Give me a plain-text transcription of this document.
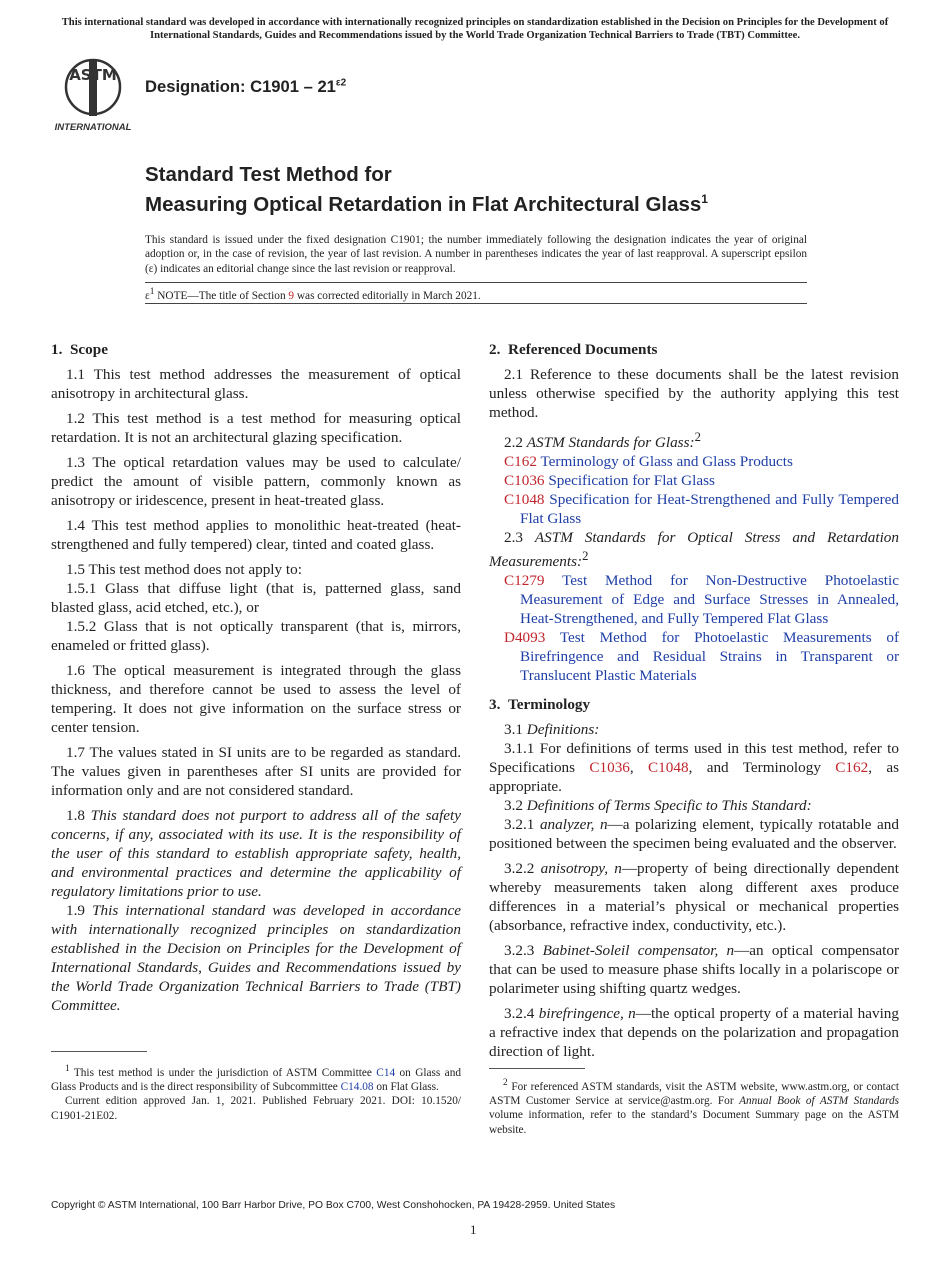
This international standard was developed in accordance with internationally recognized principles on standardization established in the Decision on Principles for the Development of International Standards, Guides and Recommendations issued by the World Trade Organization Technical Barriers to Trade (TBT) Committee.
ASTM
INTERNATIONAL
Designation: $C1901 - 21^{\varepsilon 2}$
Standard Test Method for
Measuring Optical Retardation in Flat Architectural Glass$^1$
This standard is issued under the fixed designation C1901; the number immediately following the designation indicates the year of original adoption or, in the case of revision, the year of last revision. A number in parentheses indicates the year of last reapproval. A superscript epsilon (ε) indicates an editorial change since the last revision or reapproval.
$\varepsilon^1$ NOTE—The title of Section 9 was corrected editorially in March 2021.

1.  Scope

1.1 This test method addresses the measurement of optical anisotropy in architectural glass.

1.2 This test method is a test method for measuring optical retardation. It is not an architectural glazing specification.

1.3 The optical retardation values may be used to calculate/ predict the amount of visible pattern, commonly known as anisotropy or iridescence, present in heat-treated glass.

1.4 This test method applies to monolithic heat-treated (heat-strengthened and fully tempered) clear, tinted and coated glass.

1.5 This test method does not apply to:

1.5.1 Glass that diffuse light (that is, patterned glass, sand blasted glass, acid etched, etc.), or

1.5.2 Glass that is not optically transparent (that is, mirrors, enameled or fritted glass).

1.6 The optical measurement is integrated through the glass thickness, and therefore cannot be used to assess the level of tempering. It does not give information on the surface stress or center tension.

1.7 The values stated in SI units are to be regarded as standard. The values given in parentheses after SI units are provided for information only and are not considered standard.

1.8 This standard does not purport to address all of the safety concerns, if any, associated with its use. It is the responsibility of the user of this standard to establish appropriate safety, health, and environmental practices and determine the applicability of regulatory limitations prior to use.

1.9 This international standard was developed in accordance with internationally recognized principles on standardization established in the Decision on Principles for the Development of International Standards, Guides and Recommendations issued by the World Trade Organization Technical Barriers to Trade (TBT) Committee.

$^1$ This test method is under the jurisdiction of ASTM Committee C14 on Glass and Glass Products and is the direct responsibility of Subcommittee C14.08 on Flat Glass.

Current edition approved Jan. 1, 2021. Published February 2021. DOI: 10.1520/ C1901-21E02.

2.  Referenced Documents

2.1 Reference to these documents shall be the latest revision unless otherwise specified by the authority applying this test method.

2.2 ASTM Standards for Glass:$^2$

C162 Terminology of Glass and Glass Products

C1036 Specification for Flat Glass

C1048 Specification for Heat-Strengthened and Fully Tempered Flat Glass

2.3 ASTM Standards for Optical Stress and Retardation Measurements:$^2$

C1279 Test Method for Non-Destructive Photoelastic Measurement of Edge and Surface Stresses in Annealed, Heat-Strengthened, and Fully Tempered Flat Glass

D4093 Test Method for Photoelastic Measurements of Birefringence and Residual Strains in Transparent or Translucent Plastic Materials

3.  Terminology

3.1 Definitions:

3.1.1 For definitions of terms used in this test method, refer to Specifications C1036, C1048, and Terminology C162, as appropriate.

3.2 Definitions of Terms Specific to This Standard:

3.2.1 analyzer, n—a polarizing element, typically rotatable and positioned between the specimen being evaluated and the observer.

3.2.2 anisotropy, n—property of being directionally dependent whereby measurements taken along different axes produce differences in a material’s physical or mechanical properties (absorbance, refractive index, conductivity, etc.).

3.2.3 Babinet-Soleil compensator, n—an optical compensator that can be used to measure phase shifts locally in a polariscope or polarimeter using shifting quartz wedges.

3.2.4 birefringence, n—the optical property of a material having a refractive index that depends on the polarization and propagation direction of light.

$^2$ For referenced ASTM standards, visit the ASTM website, www.astm.org, or contact ASTM Customer Service at service@astm.org. For Annual Book of ASTM Standards volume information, refer to the standard’s Document Summary page on the ASTM website.

Copyright © ASTM International, 100 Barr Harbor Drive, PO Box C700, West Conshohocken, PA 19428-2959. United States
1
